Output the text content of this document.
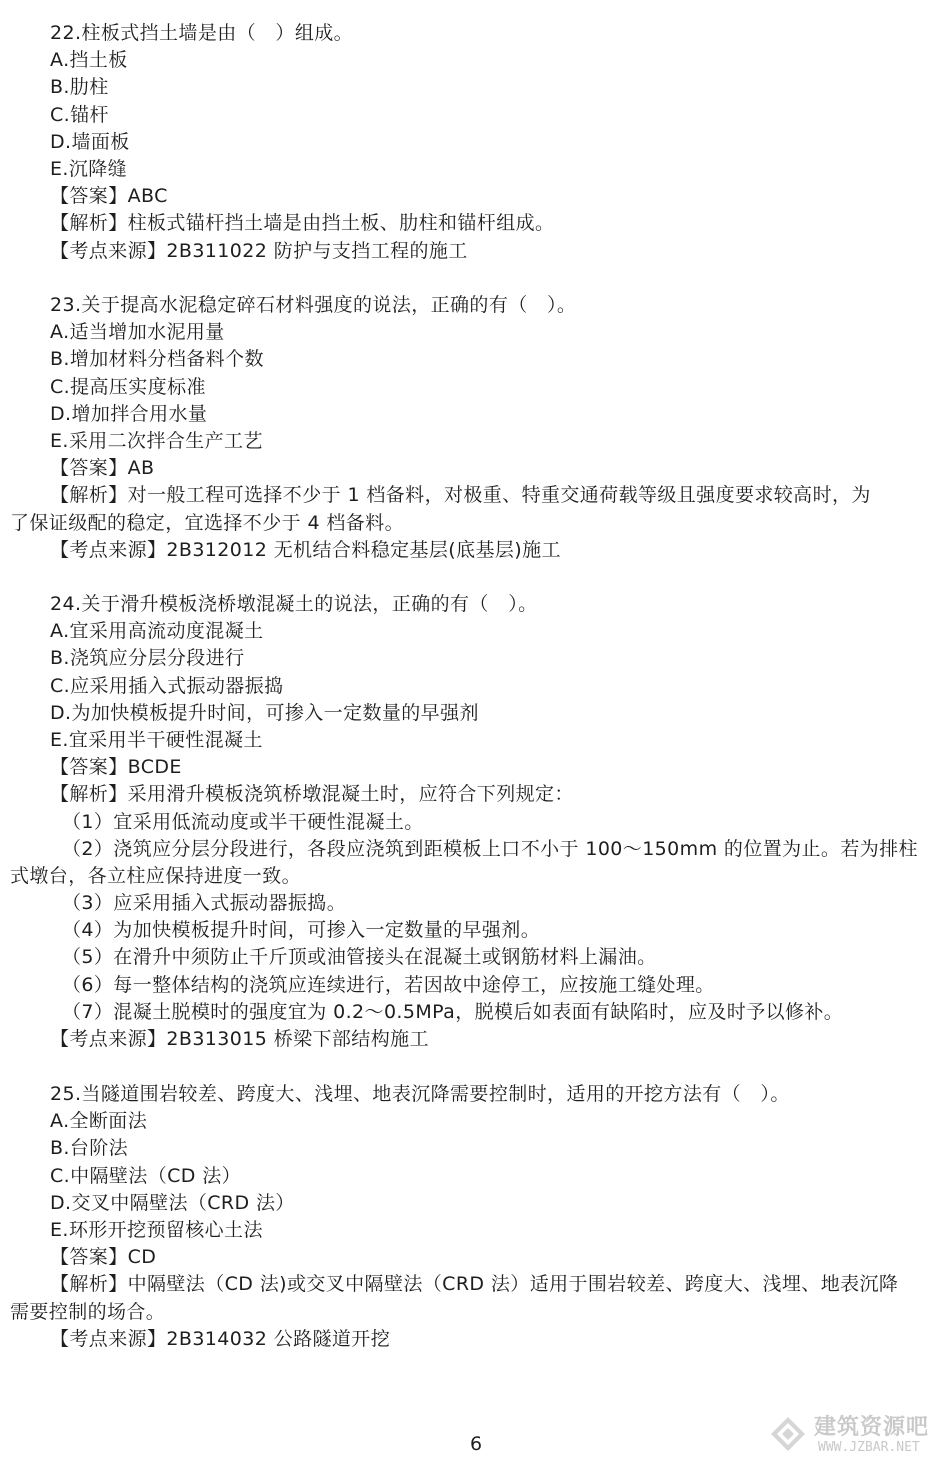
22.柱板式挡土墙是由（　）组成。
A.挡土板
B.肋柱
C.锚杆
D.墙面板
E.沉降缝
【答案】ABC
【解析】柱板式锚杆挡土墙是由挡土板、肋柱和锚杆组成。
【考点来源】2B311022 防护与支挡工程的施工
23.关于提高水泥稳定碎石材料强度的说法，正确的有（　）。
A.适当增加水泥用量
B.增加材料分档备料个数
C.提高压实度标准
D.增加拌合用水量
E.采用二次拌合生产工艺
【答案】AB
【解析】对一般工程可选择不少于 1 档备料，对极重、特重交通荷载等级且强度要求较高时，为
了保证级配的稳定，宜选择不少于 4 档备料。
【考点来源】2B312012 无机结合料稳定基层(底基层)施工
24.关于滑升模板浇桥墩混凝土的说法，正确的有（　）。
A.宜采用高流动度混凝土
B.浇筑应分层分段进行
C.应采用插入式振动器振捣
D.为加快模板提升时间，可掺入一定数量的早强剂
E.宜采用半干硬性混凝土
【答案】BCDE
【解析】采用滑升模板浇筑桥墩混凝土时，应符合下列规定：
（1）宜采用低流动度或半干硬性混凝土。
（2）浇筑应分层分段进行，各段应浇筑到距模板上口不小于 100～150mm 的位置为止。若为排柱
式墩台，各立柱应保持进度一致。
（3）应采用插入式振动器振捣。
（4）为加快模板提升时间，可掺入一定数量的早强剂。
（5）在滑升中须防止千斤顶或油管接头在混凝土或钢筋材料上漏油。
（6）每一整体结构的浇筑应连续进行，若因故中途停工，应按施工缝处理。
（7）混凝土脱模时的强度宜为 0.2～0.5MPa，脱模后如表面有缺陷时，应及时予以修补。
【考点来源】2B313015 桥梁下部结构施工
25.当隧道围岩较差、跨度大、浅埋、地表沉降需要控制时，适用的开挖方法有（　）。
A.全断面法
B.台阶法
C.中隔壁法（CD 法）
D.交叉中隔壁法（CRD 法）
E.环形开挖预留核心土法
【答案】CD
【解析】中隔壁法（CD 法)或交叉中隔壁法（CRD 法）适用于围岩较差、跨度大、浅埋、地表沉降
需要控制的场合。
【考点来源】2B314032 公路隧道开挖
6
建筑资源吧
WWW.JZBAR.NET
